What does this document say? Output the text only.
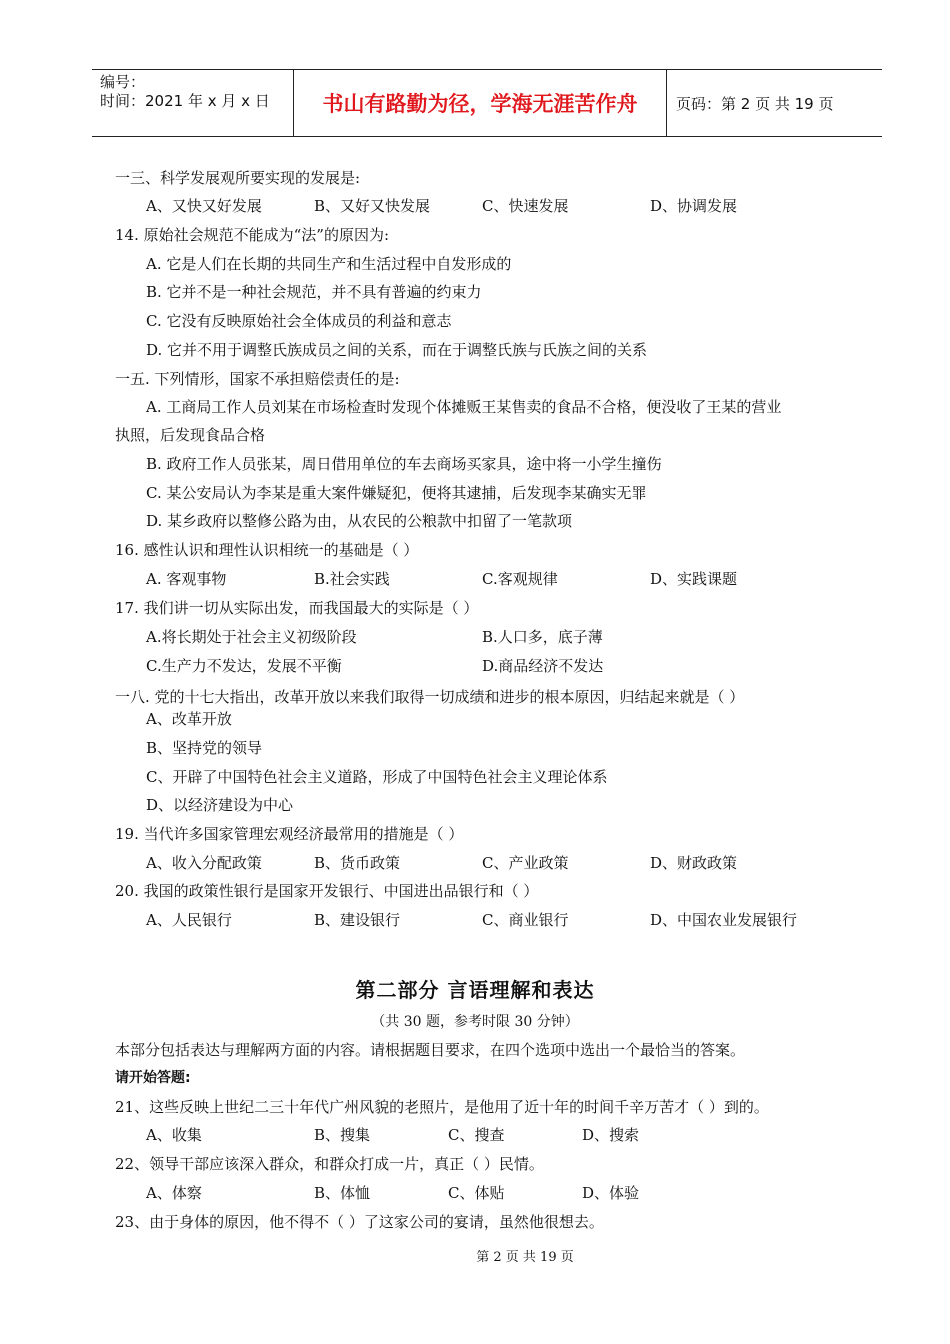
编号：
时间：2021 年 x 月 x 日	书山有路勤为径，学海无涯苦作舟	页码：第 2 页 共 19 页
一三、科学发展观所要实现的发展是:
A、又快又好发展	B、又好又快发展	C、快速发展	D、协调发展
14. 原始社会规范不能成为“法”的原因为:
A. 它是人们在长期的共同生产和生活过程中自发形成的
B. 它并不是一种社会规范，并不具有普遍的约束力
C. 它没有反映原始社会全体成员的利益和意志
D. 它并不用于调整氏族成员之间的关系，而在于调整氏族与氏族之间的关系
一五. 下列情形，国家不承担赔偿责任的是:
A. 工商局工作人员刘某在市场检查时发现个体摊贩王某售卖的食品不合格，便没收了王某的营业
执照，后发现食品合格
B. 政府工作人员张某，周日借用单位的车去商场买家具，途中将一小学生撞伤
C. 某公安局认为李某是重大案件嫌疑犯，便将其逮捕，后发现李某确实无罪
D. 某乡政府以整修公路为由，从农民的公粮款中扣留了一笔款项
16. 感性认识和理性认识相统一的基础是（ ）
A. 客观事物	B.社会实践	C.客观规律	D、实践课题
17. 我们讲一切从实际出发，而我国最大的实际是（ ）
A.将长期处于社会主义初级阶段	B.人口多，底子薄
C.生产力不发达，发展不平衡	D.商品经济不发达
一八. 党的十七大指出，改革开放以来我们取得一切成绩和进步的根本原因，归结起来就是（ ）
A、改革开放
B、坚持党的领导
C、开辟了中国特色社会主义道路，形成了中国特色社会主义理论体系
D、以经济建设为中心
19. 当代许多国家管理宏观经济最常用的措施是（ ）
A、收入分配政策	B、货币政策	C、产业政策	D、财政政策
20. 我国的政策性银行是国家开发银行、中国进出品银行和（ ）
A、人民银行	B、建设银行	C、商业银行	D、中国农业发展银行
第二部分 言语理解和表达
（共 30 题，参考时限 30 分钟）
本部分包括表达与理解两方面的内容。请根据题目要求，在四个选项中选出一个最恰当的答案。
请开始答题:
21、这些反映上世纪二三十年代广州风貌的老照片，是他用了近十年的时间千辛万苦才（ ）到的。
A、收集	B、搜集	C、搜查	D、搜索
22、领导干部应该深入群众，和群众打成一片，真正（ ）民情。
A、体察	B、体恤	C、体贴	D、体验
23、由于身体的原因，他不得不（ ）了这家公司的宴请，虽然他很想去。
第 2 页 共 19 页
